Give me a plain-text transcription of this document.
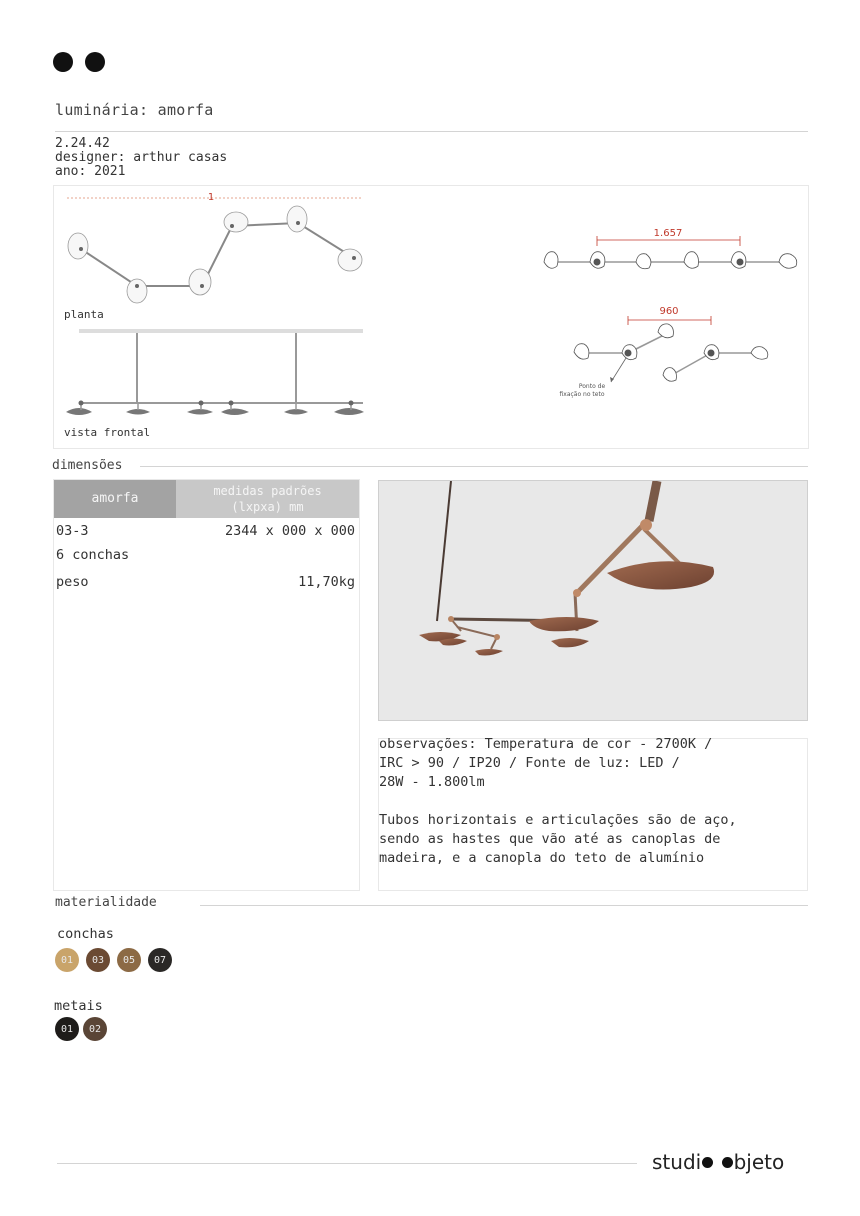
luminária: amorfa
2.24.42
designer: arthur casas
ano: 2021
1
1.657
960
Ponto de
fixação no teto
planta
vista frontal
dimensões
amorfa	medidas padrões
(lxpxa) mm
03-3	2344 x 000 x 000
6 conchas
peso	11,70kg
observações: Temperatura de cor - 2700K /
IRC > 90 / IP20 / Fonte de luz: LED /
28W - 1.800lm
Tubos horizontais e articulações são de aço,
sendo as hastes que vão até as canoplas de
madeira, e a canopla do teto de alumínio
materialidade
conchas
01 03 05 07
metais
01 02
studi
bjeto
